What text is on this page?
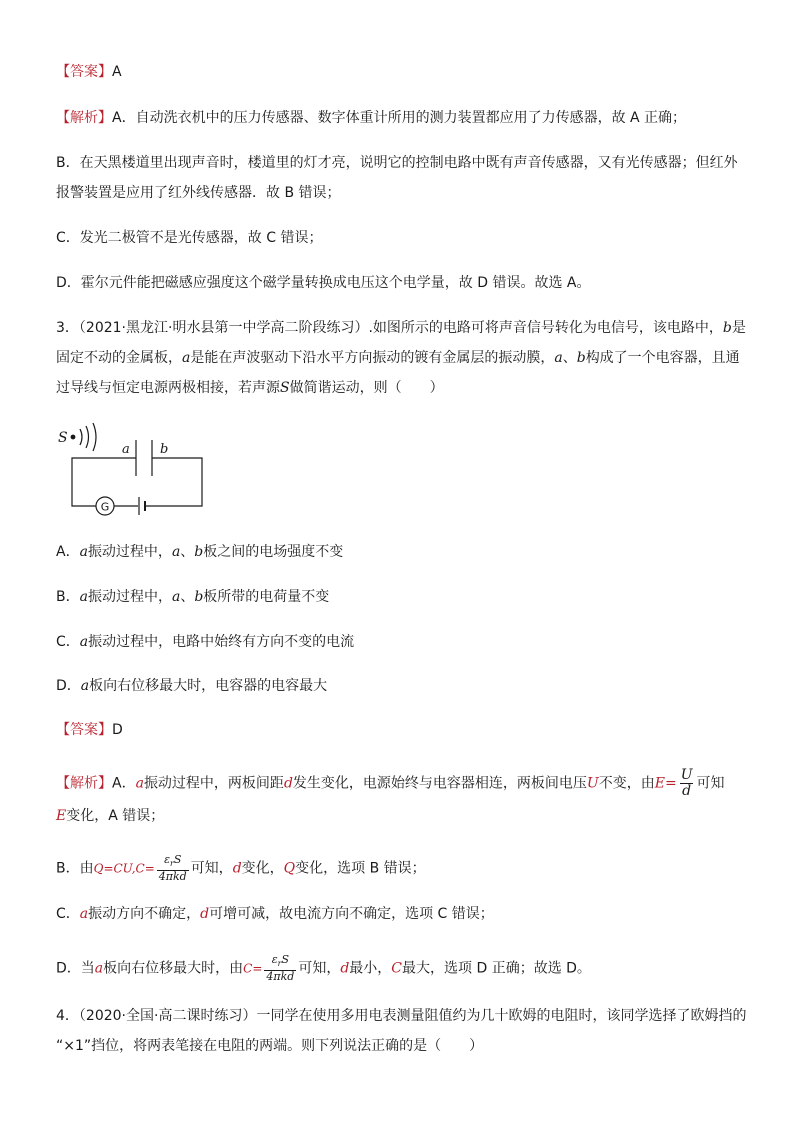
【答案】A
【解析】A．自动洗衣机中的压力传感器、数字体重计所用的测力装置都应用了力传感器，故 A 正确；
B．在天黑楼道里出现声音时，楼道里的灯才亮，说明它的控制电路中既有声音传感器，又有光传感器；但红外
报警装置是应用了红外线传感器．故 B 错误；
C．发光二极管不是光传感器，故 C 错误；
D．霍尔元件能把磁感应强度这个磁学量转换成电压这个电学量，故 D 错误。故选 A。
3．（2021·黑龙江·明水县第一中学高二阶段练习）.如图所示的电路可将声音信号转化为电信号，该电路中，b是
固定不动的金属板，a是能在声波驱动下沿水平方向振动的镀有金属层的振动膜，a、b构成了一个电容器，且通
过导线与恒定电源两极相接，若声源S做简谐运动，则（　　）
S
a b
G
A．a振动过程中，a、b板之间的电场强度不变
B．a振动过程中，a、b板所带的电荷量不变
C．a振动过程中，电路中始终有方向不变的电流
D．a板向右位移最大时，电容器的电容最大
【答案】D
【解析】A．a振动过程中，两板间距d发生变化，电源始终与电容器相连，两板间电压U不变，由$E= \frac{U}{d}$ 可知
E变化，A 错误；
B．由$Q=CU,C= \frac{\varepsilon_rS}{\text{4πkd}}$ 可知，d变化，Q变化，选项 B 错误；
C．a振动方向不确定，d可增可减，故电流方向不确定，选项 C 错误；
D．当a板向右位移最大时，由$C= \frac{\varepsilon_rS}{\text{4πkd}}$ 可知，d最小，C最大，选项 D 正确；故选 D。
4．（2020·全国·高二课时练习）一同学在使用多用电表测量阻值约为几十欧姆的电阻时，该同学选择了欧姆挡的
“×1”挡位，将两表笔接在电阻的两端。则下列说法正确的是（　　）
